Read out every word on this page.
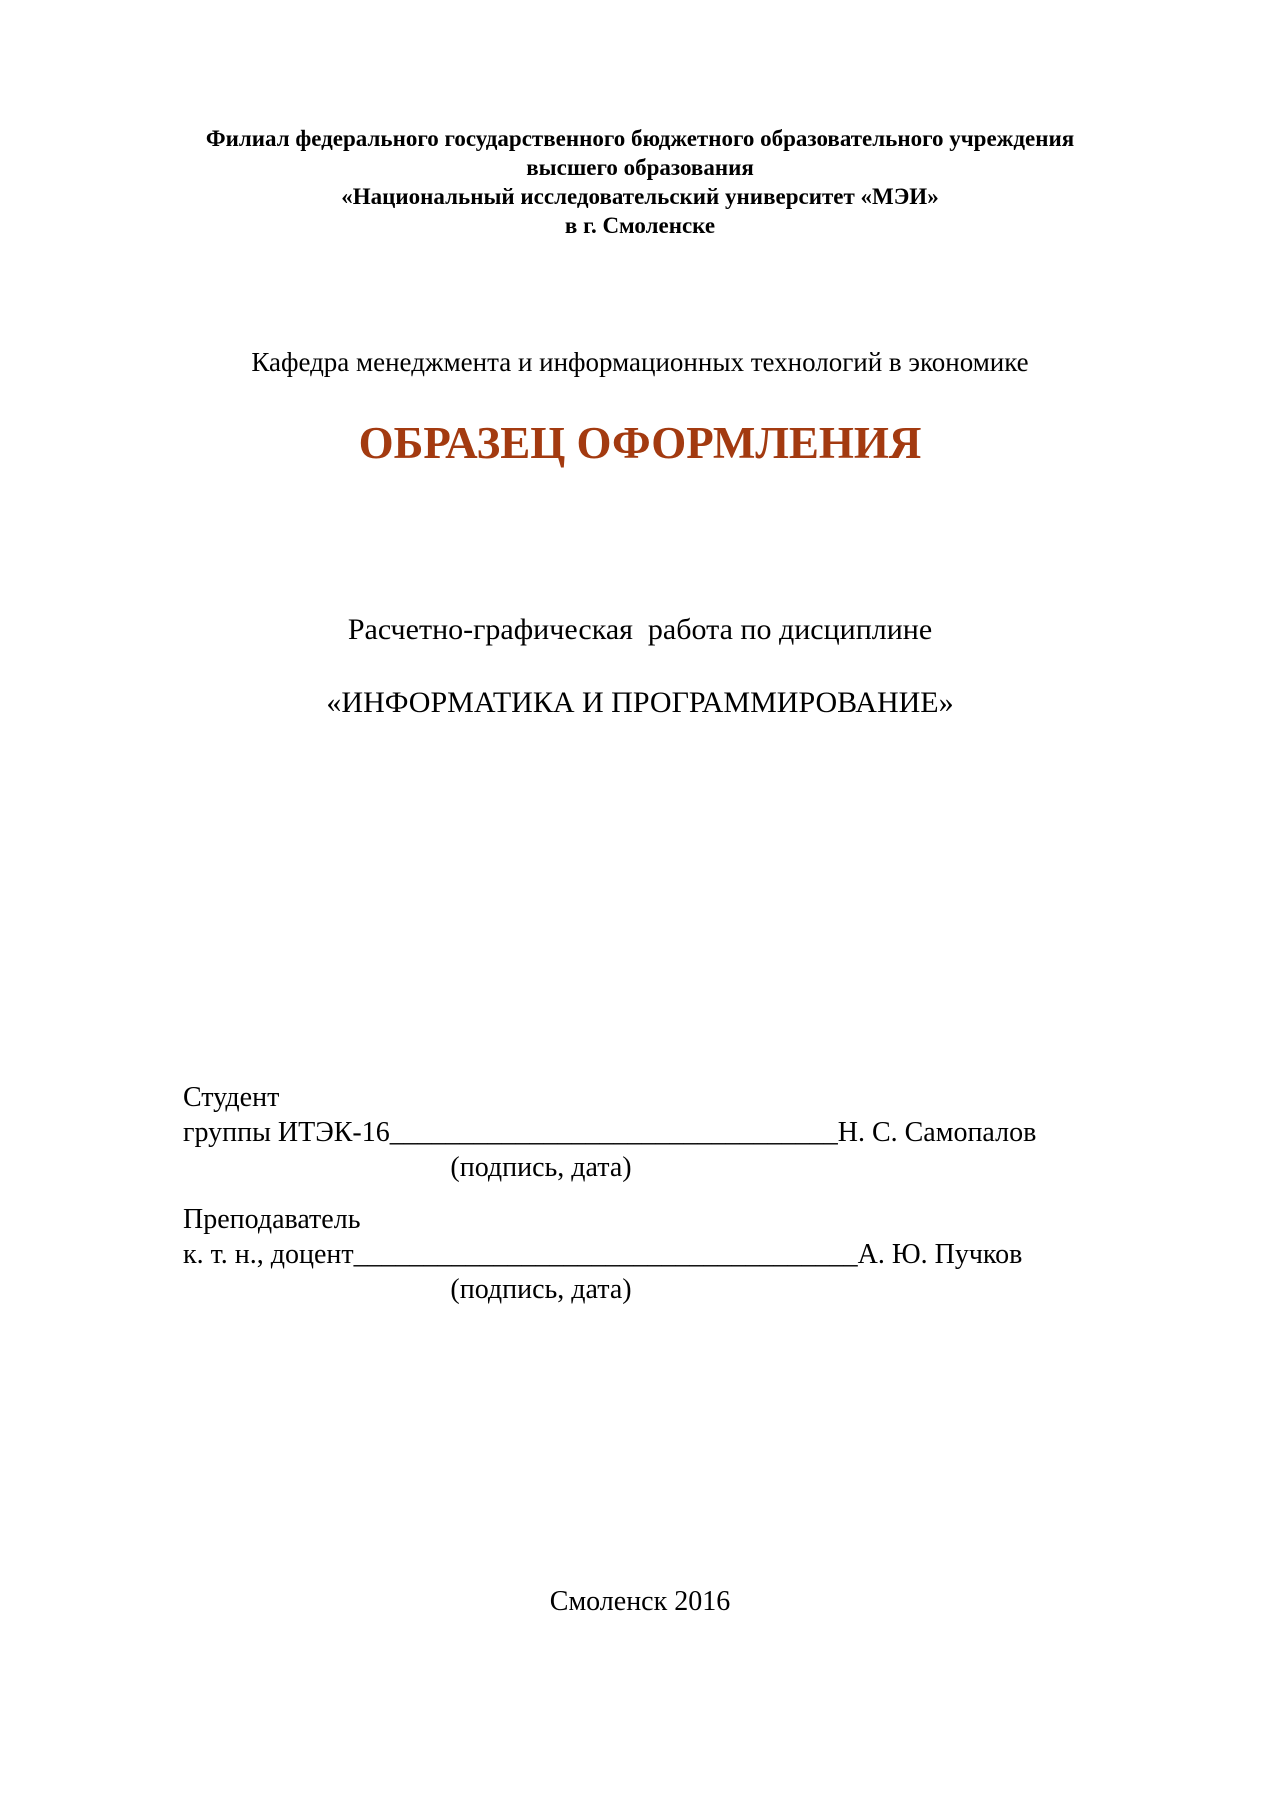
Филиал федерального государственного бюджетного образовательного учреждения
высшего образования
«Национальный исследовательский университет «МЭИ»
в г. Смоленске
Кафедра менеджмента и информационных технологий в экономике
ОБРАЗЕЦ ОФОРМЛЕНИЯ
Расчетно-графическая  работа по дисциплине
«ИНФОРМАТИКА И ПРОГРАММИРОВАНИЕ»
Студент
группы ИТЭК-16________________________________Н. С. Самопалов
(подпись, дата)
Преподаватель
к. т. н., доцент____________________________________А. Ю. Пучков
(подпись, дата)
Смоленск 2016
